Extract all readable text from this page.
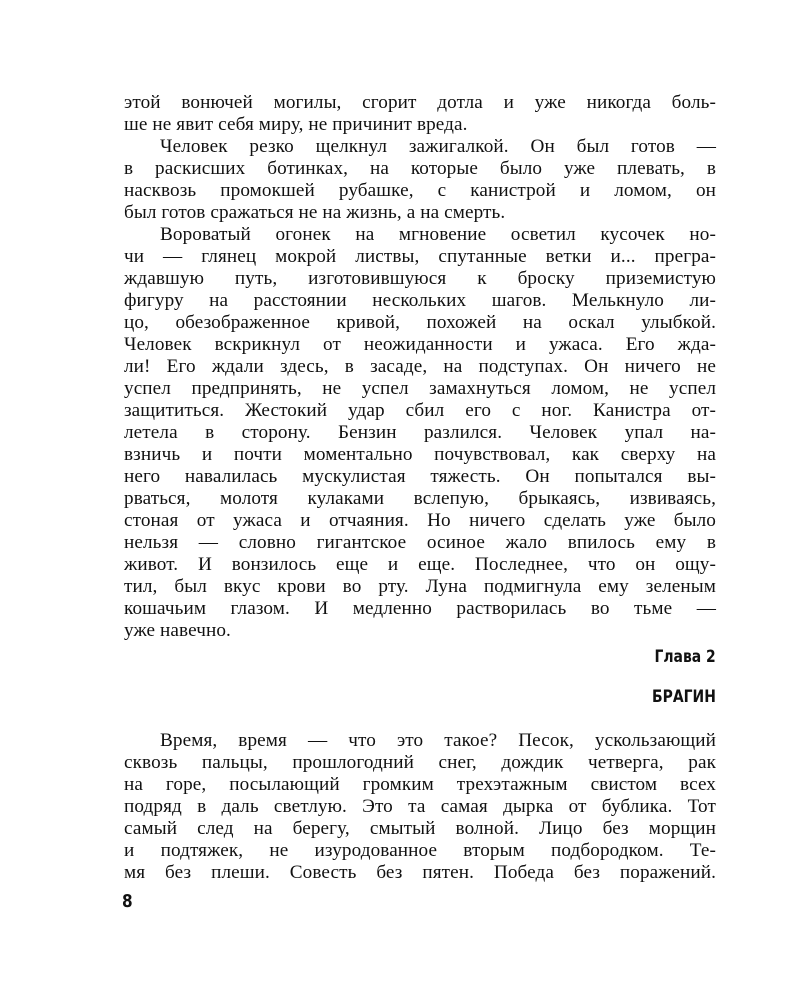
этой вонючей могилы, сгорит дотла и уже никогда боль-
ше не явит себя миру, не причинит вреда.
Человек резко щелкнул зажигалкой. Он был готов —
в раскисших ботинках, на которые было уже плевать, в
насквозь промокшей рубашке, с канистрой и ломом, он
был готов сражаться не на жизнь, а на смерть.
Вороватый огонек на мгновение осветил кусочек но-
чи — глянец мокрой листвы, спутанные ветки и... прегра-
ждавшую путь, изготовившуюся к броску приземистую
фигуру на расстоянии нескольких шагов. Мелькнуло ли-
цо, обезображенное кривой, похожей на оскал улыбкой.
Человек вскрикнул от неожиданности и ужаса. Его жда-
ли! Его ждали здесь, в засаде, на подступах. Он ничего не
успел предпринять, не успел замахнуться ломом, не успел
защититься. Жестокий удар сбил его с ног. Канистра от-
летела в сторону. Бензин разлился. Человек упал на-
взничь и почти моментально почувствовал, как сверху на
него навалилась мускулистая тяжесть. Он попытался вы-
рваться, молотя кулаками вслепую, брыкаясь, извиваясь,
стоная от ужаса и отчаяния. Но ничего сделать уже было
нельзя — словно гигантское осиное жало впилось ему в
живот. И вонзилось еще и еще. Последнее, что он ощу-
тил, был вкус крови во рту. Луна подмигнула ему зеленым
кошачьим глазом. И медленно растворилась во тьме —
уже навечно.
Глава 2
БРАГИН
Время, время — что это такое? Песок, ускользающий
сквозь пальцы, прошлогодний снег, дождик четверга, рак
на горе, посылающий громким трехэтажным свистом всех
подряд в даль светлую. Это та самая дырка от бублика. Тот
самый след на берегу, смытый волной. Лицо без морщин
и подтяжек, не изуродованное вторым подбородком. Те-
мя без плеши. Совесть без пятен. Победа без поражений.
8
